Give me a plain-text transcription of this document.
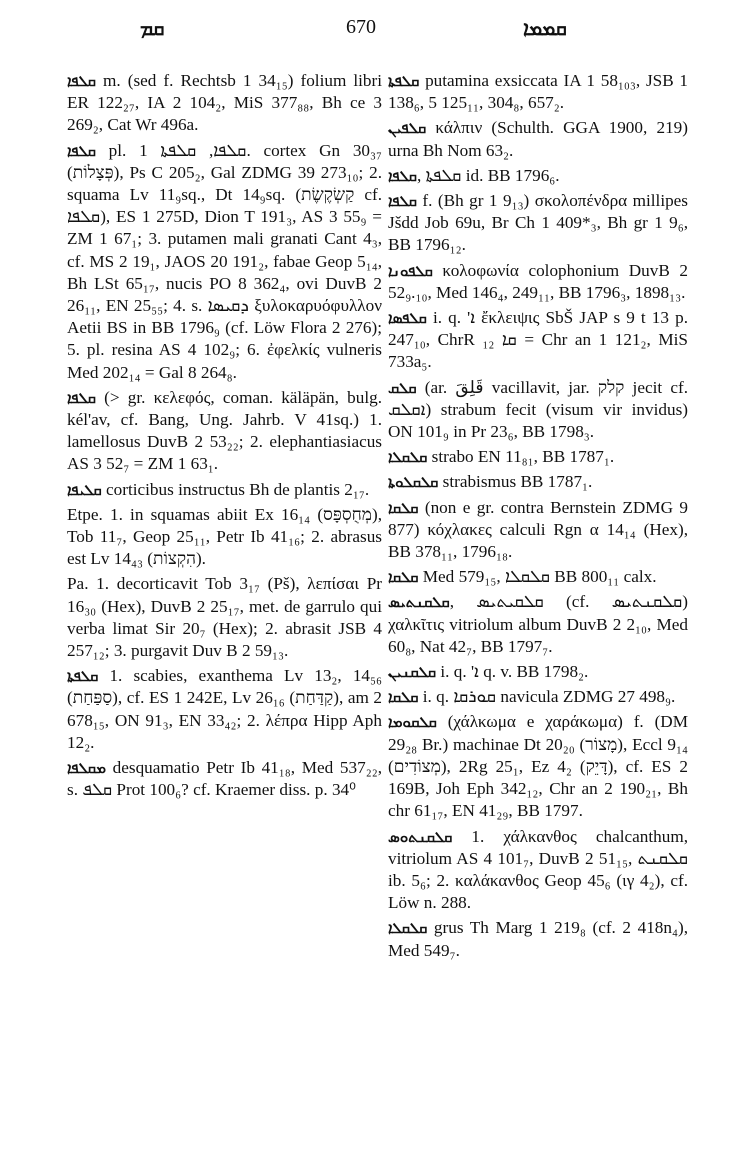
ܩܡ	670	ܩܡܡܐ

ܩܠܦܐ m. (sed f. Rechtsb 1 34₁₅) folium libri ER 122₂₇, IA 2 104₂, MiS 377₈₈, Bh ce 3 269₂, Cat Wr 496a.

ܩܠܦܐ pl. ܩܠܦܐ, ܩܠܦܬܐ 1. cortex Gn 30₃₇ (פְּצָלוֹת), Ps C 205₂, Gal ZDMG 39 273₁₀; 2. squama Lv 11₉sq., Dt 14₉sq. (קַשְׂקֶשֶׂת cf. ܩܠܦܐ), ES 1 275D, Dion T 191₃, AS 3 55₉ = ZM 1 67₁; 3. putamen mali granati Cant 4₃, cf. MS 2 19₁, JAOS 20 191₂, fabae Geop 5₁₄, Bh LSt 65₁₇, nucis PO 8 362₄, ovi DuvB 2 26₁₁, EN 25₅₅; 4. s. ܕܩܝܣܐ ξυλοκαρυόφυλλον Aetii BS in BB 1796₉ (cf. Löw Flora 2 276); 5. pl. resina AS 4 102₉; 6. ἐφελκίς vulneris Med 202₁₄ = Gal 8 264₈.

ܩܠܦܐ (> gr. κελεφός, coman. käläpän, bulg. kél'av, cf. Bang, Ung. Jahrb. V 41sq.) 1. lamellosus DuvB 2 53₂₂; 2. elephantiasiacus AS 3 52₇ = ZM 1 63₁.

ܩܠܝܦܐ corticibus instructus Bh de plantis 2₁₇.

Etpe. 1. in squamas abiit Ex 16₁₄ (מְחֻסְפָּס), Tob 11₇, Geop 25₁₁, Petr Ib 41₁₆; 2. abrasus est Lv 14₄₃ (הִקְצוֹת).

Pa. 1. decorticavit Tob 3₁₇ (Pš), λεπίσαι Pr 16₃₀ (Hex), DuvB 2 25₁₇, met. de garrulo qui verba limat Sir 20₇ (Hex); 2. abrasit JSB 4 257₁₂; 3. purgavit Duv B 2 59₁₃.

ܩܠܦܬܐ 1. scabies, exanthema Lv 13₂, 14₅₆ (סַפַּחַת), cf. ES 1 242E, Lv 26₁₆ (קַדַּחַת), am 2 678₁₅, ON 91₃, EN 33₄₂; 2. λέπρα Hipp Aph 12₂.

ܡܩܠܦܐ desquamatio Petr Ib 41₁₈, Med 537₂₂, s. ܩܠܦ Prot 100₆? cf. Kraemer diss. p. 34⁰

ܩܠܦܬܐ putamina exsiccata IA 1 58₁₀₃, JSB 1 138₆, 5 125₁₁, 304₈, 657₂.

ܩܠܦܝܢ κάλπιν (Schulth. GGA 1900, 219) urna Bh Nom 63₂.

ܩܠܦܐ, ܩܠܦܬܐ id. BB 1796₆.

ܩܠܦܐ f. (Bh gr 1 9₁₃) σκολοπένδρα millipes Jšdd Job 69u, Br Ch 1 409*₃, Bh gr 1 9₆, BB 1796₁₂.

ܩܠܦܘܢܐ κολοφωνία colophonium DuvB 2 52₉.₁₀, Med 146₄, 249₁₁, BB 1796₃, 1898₁₃.

ܩܠܦܣܐ i. q. 'ܐ ἔκλειψις SbŠ JAP s 9 t 13 p. 247₁₀, ChrR ܩܐ ₁₂ = Chr an 1 121₂, MiS 733a₅.

ܩܠܩ (ar. قَلِقَ vacillavit, jar. קלק jecit cf. ܐܩܠܩ) strabum fecit (visum vir invidus) ON 101₉ in Pr 23₆, BB 1798₃.

ܩܠܩܠܐ strabo EN 11₈₁, BB 1787₁.

ܩܠܩܠܘܬܐ strabismus BB 1787₁.

ܩܠܩܐ (non e gr. contra Bernstein ZDMG 9 877) κόχλακες calculi Rgn α 14₁₄ (Hex), BB 378₁₁, 1796₁₈.

ܩܠܩܐ Med 579₁₅, ܩܠܩܠܐ BB 800₁₁ calx.

ܩܠܩܢܬܝܣ, ܩܠܩܝܬܝܣ (cf. ܩܠܩܢܬܝܣ) χαλκῖτις vitriolum album DuvB 2 2₁₀, Med 60₈, Nat 42₇, BB 1797₇.

ܩܠܩܢܝܢ i. q. 'ܐ q. v. BB 1798₂.

ܩܠܩܐ i. q. ܩܘܪܩܐ navicula ZDMG 27 498₉.

ܩܠܩܘܡܐ (χάλκωμα e χαράκωμα) f. (DM 29₂₈ Br.) machinae Dt 20₂₀ (מָצוֹר), Eccl 9₁₄ (מְצוֹדִים), 2Rg 25₁, Ez 4₂ (דָּיֵק), cf. ES 2 169B, Joh Eph 342₁₂, Chr an 2 190₂₁, Bh chr 61₁₇, EN 41₂₉, BB 1797.

ܩܠܩܢܬܘܣ 1. χάλκανθος chalcanthum, vitriolum AS 4 101₇, DuvB 2 51₁₅, ܩܠܩܢܬ ib. 5₆; 2. καλάκανθος Geop 45₆ (ιγ 4₂), cf. Löw n. 288.

ܩܠܩܠܐ grus Th Marg 1 219₈ (cf. 2 418n₄), Med 549₇.
